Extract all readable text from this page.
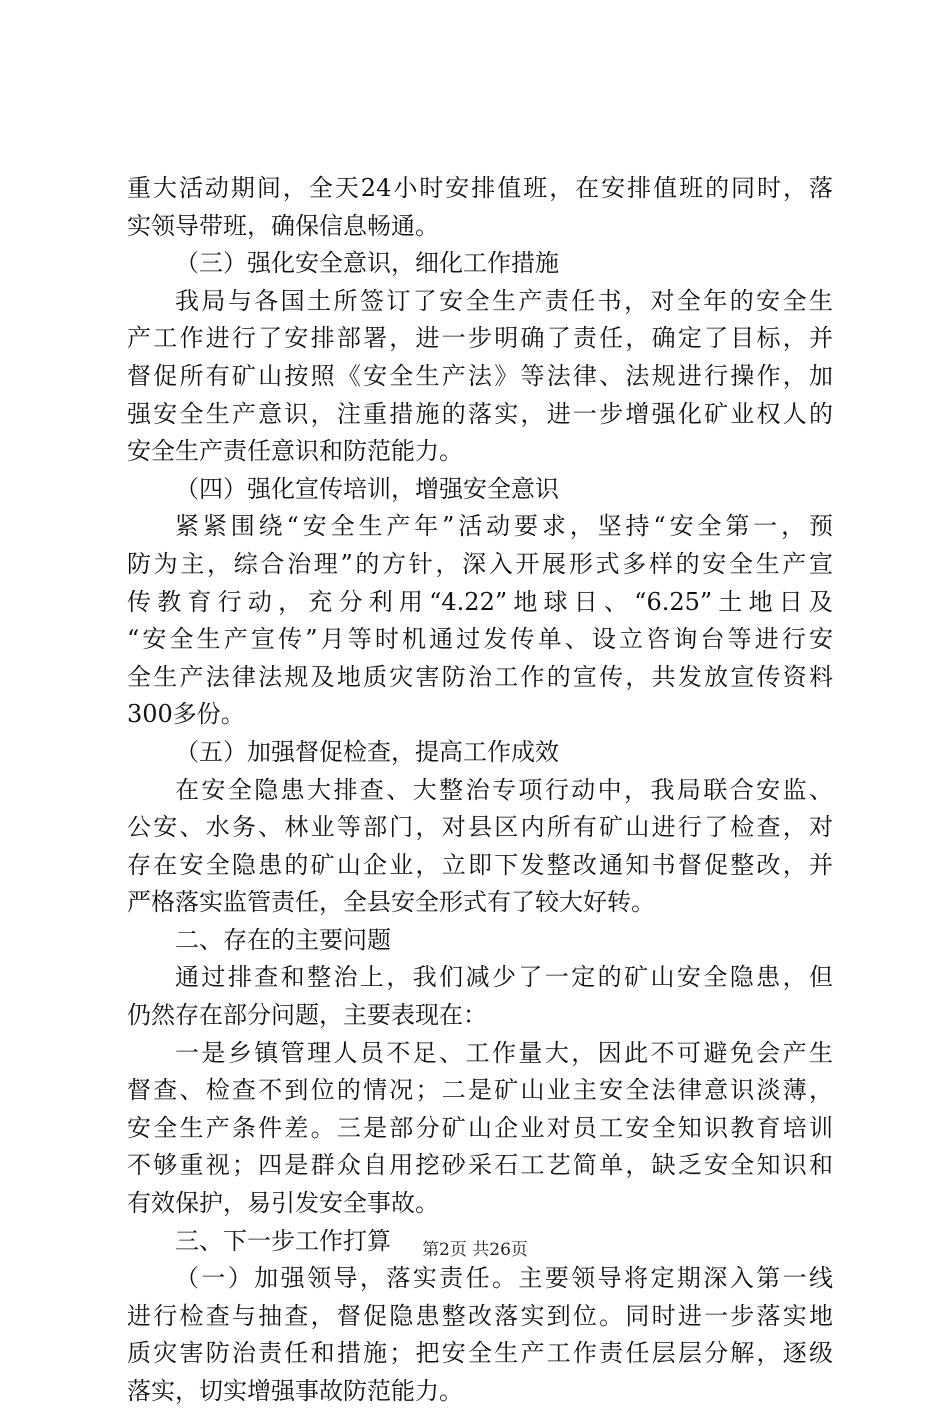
重大活动期间，全天24小时安排值班，在安排值班的同时，落
实领导带班，确保信息畅通。
（三）强化安全意识，细化工作措施
我局与各国土所签订了安全生产责任书，对全年的安全生
产工作进行了安排部署，进一步明确了责任，确定了目标，并
督促所有矿山按照《安全生产法》等法律、法规进行操作，加
强安全生产意识，注重措施的落实，进一步增强化矿业权人的
安全生产责任意识和防范能力。
（四）强化宣传培训，增强安全意识
紧紧围绕“安全生产年”活动要求，坚持“安全第一，预
防为主，综合治理”的方针，深入开展形式多样的安全生产宣
传教育行动，充分利用“4.22”地球日、“6.25”土地日及
“安全生产宣传”月等时机通过发传单、设立咨询台等进行安
全生产法律法规及地质灾害防治工作的宣传，共发放宣传资料
300多份。
（五）加强督促检查，提高工作成效
在安全隐患大排查、大整治专项行动中，我局联合安监、
公安、水务、林业等部门，对县区内所有矿山进行了检查，对
存在安全隐患的矿山企业，立即下发整改通知书督促整改，并
严格落实监管责任，全县安全形式有了较大好转。
二、存在的主要问题
通过排查和整治上，我们减少了一定的矿山安全隐患，但
仍然存在部分问题，主要表现在：
一是乡镇管理人员不足、工作量大，因此不可避免会产生
督查、检查不到位的情况；二是矿山业主安全法律意识淡薄，
安全生产条件差。三是部分矿山企业对员工安全知识教育培训
不够重视；四是群众自用挖砂采石工艺简单，缺乏安全知识和
有效保护，易引发安全事故。
三、下一步工作打算
（一）加强领导，落实责任。主要领导将定期深入第一线
进行检查与抽查，督促隐患整改落实到位。同时进一步落实地
质灾害防治责任和措施；把安全生产工作责任层层分解，逐级
落实，切实增强事故防范能力。
第2页 共26页
